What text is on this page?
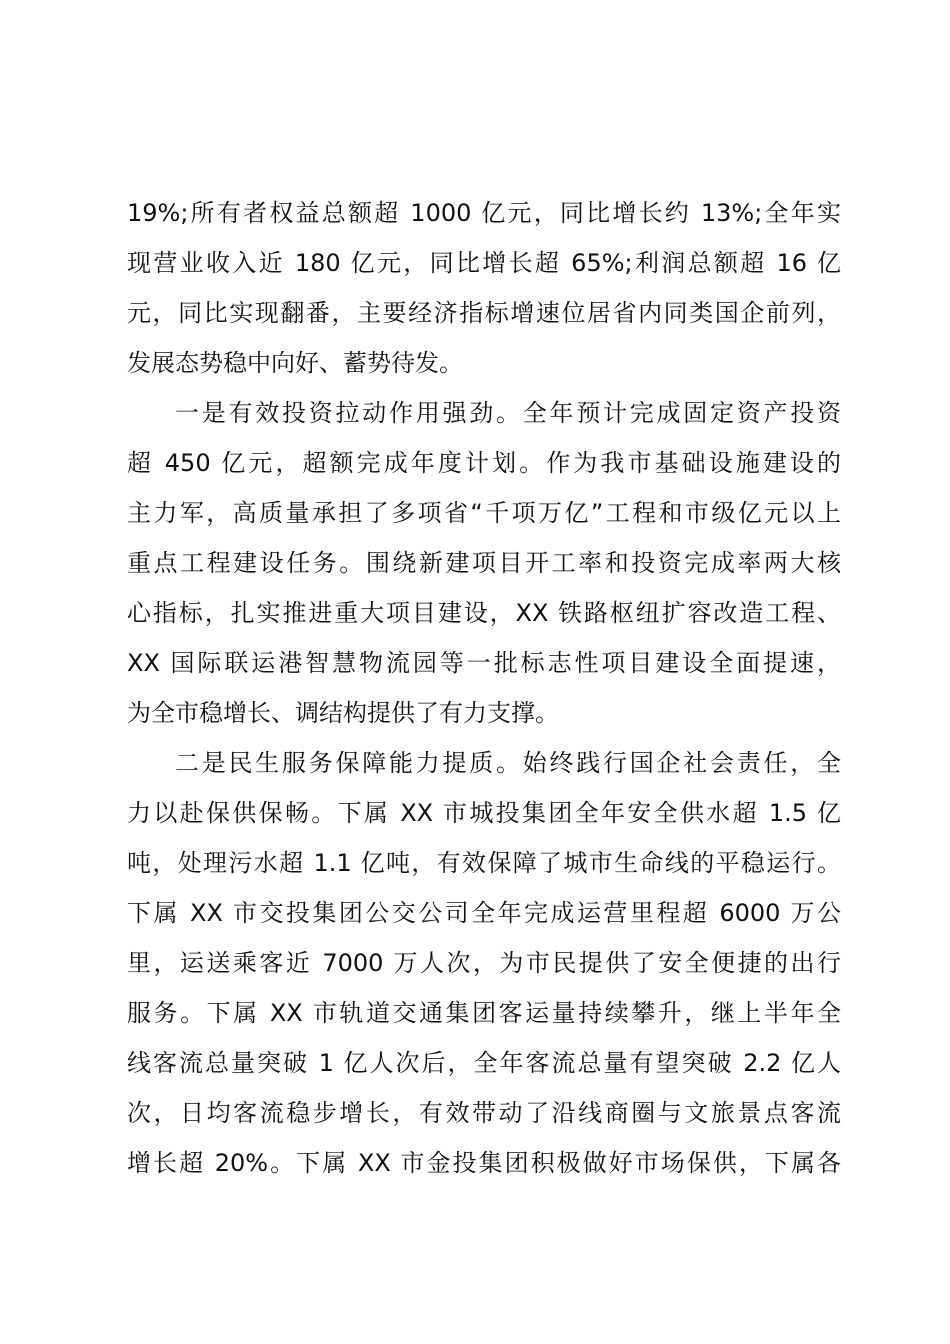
19%;所有者权益总额超 1000 亿元，同比增长约 13%;全年实
现营业收入近 180 亿元，同比增长超 65%;利润总额超 16 亿
元，同比实现翻番，主要经济指标增速位居省内同类国企前列，
发展态势稳中向好、蓄势待发。
一是有效投资拉动作用强劲。全年预计完成固定资产投资
超 450 亿元，超额完成年度计划。作为我市基础设施建设的
主力军，高质量承担了多项省“千项万亿”工程和市级亿元以上
重点工程建设任务。围绕新建项目开工率和投资完成率两大核
心指标，扎实推进重大项目建设，XX 铁路枢纽扩容改造工程、
XX 国际联运港智慧物流园等一批标志性项目建设全面提速，
为全市稳增长、调结构提供了有力支撑。
二是民生服务保障能力提质。始终践行国企社会责任，全
力以赴保供保畅。下属 XX 市城投集团全年安全供水超 1.5 亿
吨，处理污水超 1.1 亿吨，有效保障了城市生命线的平稳运行。
下属 XX 市交投集团公交公司全年完成运营里程超 6000 万公
里，运送乘客近 7000 万人次，为市民提供了安全便捷的出行
服务。下属 XX 市轨道交通集团客运量持续攀升，继上半年全
线客流总量突破 1 亿人次后，全年客流总量有望突破 2.2 亿人
次，日均客流稳步增长，有效带动了沿线商圈与文旅景点客流
增长超 20%。下属 XX 市金投集团积极做好市场保供，下属各
